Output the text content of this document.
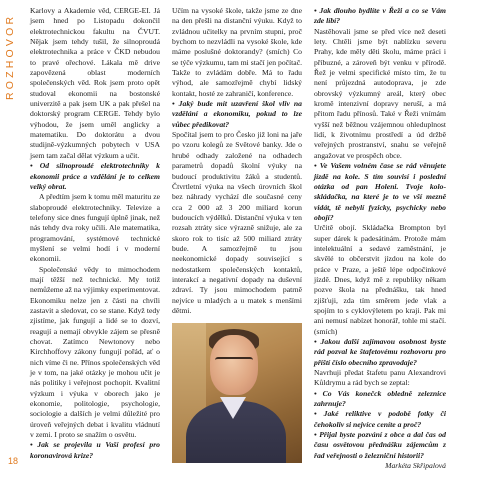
ROZHOVOR

Karlovy a Akademie věd, CERGE-EI. Já jsem hned po Listopadu dokončil elektrotechnickou fakultu na ČVUT. Nějak jsem tehdy tušil, že silnoproudá elektrotechnika a práce v ČKD nebudou to pravé ořechové. Lákala mě drive zapovězená oblast moderních společenských věd. Rok jsem proto opět studoval ekonomii na bostonské univerzitě a pak jsem UK a pak přešel na doktorský program CERGE. Tehdy bylo výhodou, že jsem uměl anglicky a matematiku. Do doktorátu a dvou studijně-výzkumných pobytech v USA jsem tam začal dělat výzkum a učit.

• Od silnoproudé elektrotechniky k ekonomii práce a vzdělání je to celkem velký obrat.

A předtím jsem k tomu měl maturitu ze slaboproudé elektrotechniky. Televize a telefony sice dnes fungují úplně jinak, než nás tehdy dva roky učili. Ale matematika, programování, systémové technické myšlení se velmi hodí i v moderní ekonomii.

Společenské vědy to mimochodem mají těžší než technické. My totiž nemůžeme až na výjimky experimentovat. Ekonomiku nelze jen z části na chvíli zastavit a sledovat, co se stane. Když tedy zjistíme, jak fungují a lidé se to dozví, reagují a nemají obvykle zájem se přesně chovat. Zatímco Newtonovy nebo Kirchhoffovy zákony fungují pořád, ať o nich víme či ne. Přínos společenských věd je v tom, na jaké otázky je mohou učit je nás politiky i veřejnost pochopit. Kvalitní výzkum i výuka v oborech jako je ekonomie, politologie, psychologie, sociologie a dalších je velmi důležité pro úroveň veřejných debat i kvalitu vládnutí v zemi. I proto se snažím o osvětu.

• Jak se projevila u Vaší profesí pro koronavirová krize?

Učím na vysoké škole, takže jsme ze dne na den přešli na distanční výuku. Když to zvládnou učitelky na prvním stupni, proč bychom to nezvládli na vysoké škole, kde máme poslušné doktorandy? (smích) Co se týče výzkumu, tam mi stačí jen počítač. Takže to zvládám dobře. Má to řadu výhod, ale samozřejmě chybí lidský kontakt, hosté ze zahraničí, konference.

• Jaký bude mít uzavření škol vliv na vzdělání a ekonomiku, pokud to lze vůbec předikovat?

Spočítal jsem to pro Česko již loni na jaře po vzoru kolegů ze Světové banky. Jde o hrubé odhady založené na odhadech parametrů dopadů školní výuky na budoucí produktivitu žáků a studentů. Čtvrtletní výuka na všech úrovních škol bez náhrady vychází dle současné ceny cca 2 000 až 3 200 miliard korun budoucích výdělků. Distanční výuka v ten rozsah ztráty sice výrazně snižuje, ale za skoro rok to tisíc až 500 miliard ztráty bude. A samozřejmě tu jsou neekonomické dopady související s nedostatkem společenských kontaktů, interakcí a negativní dopady na duševní zdraví. Ty jsou mimochodem patrně nejvíce u mladých a u matek s menšími dětmi.

• Jak dlouho bydlíte v Řeži a co se Vám zde líbí?

Nastěhovali jsme se před více než deseti lety. Chtěli jsme být nablízku severu Prahy, kde měly děti školu, máme práci i příbuzné, a zároveň být venku v přírodě. Řež je velmi specifické místo tím, že tu není průjezdná autodoprava, je zde obrovský výzkumný areál, který obec kromě intenzivní dopravy neruší, a má přitom řadu přínosů. Také v Řeži vnímám vyšší než běžnou vzájemnou ohleduplnost lidí, k životnímu prostředí a úd držbě veřejných prostranství, snahu se veřejně angažovat ve prospěch obce.

• Ve Vašem volném čase se rád věnujete jízdě na kole. S tím souvisí i poslední otázka od pan Holeni. Tvoje kolo-skládačka, na které je to ve vší mezně vidát, tě nebylí fyzicky, psychicky nebo obojí?

Určitě obojí. Skládačka Brompton byl super dárek k padesátinám. Protože mám intelektuální a sedavé zaměstnání, je skvělé to občerstvit jízdou na kole do práce v Praze, a ještě lépe odpočinkové jízdě. Dnes, když mě z republiky někam pozve škola na přednášku, tak hned zjišťuji, zda tím směrem jede vlak a spojím to s cyklovýletem po kraji. Pak mi ani nemusí nabízet honorář, tohle mi stačí. (smích)

• Jakou další zajímavou osobnost byste rád pozval ke štafetovému rozhovoru pro příští číslo obecního zpravodaje?

Navrhuji předat štafetu panu Alexandrovi Kůldrymu a rád bych se zeptal:

• Co Vás konečck obledně zeleznice zahrnuje?

• Jaké reliktive v podobě fotky či čehokoliv si nejvíce ceníte a proč?

• Přijal byste pozvání z obce a dal čas od času osvětovou přednášku zájemcům z řad veřejnosti o železniční historii?

Markéta Skřipalová

18
